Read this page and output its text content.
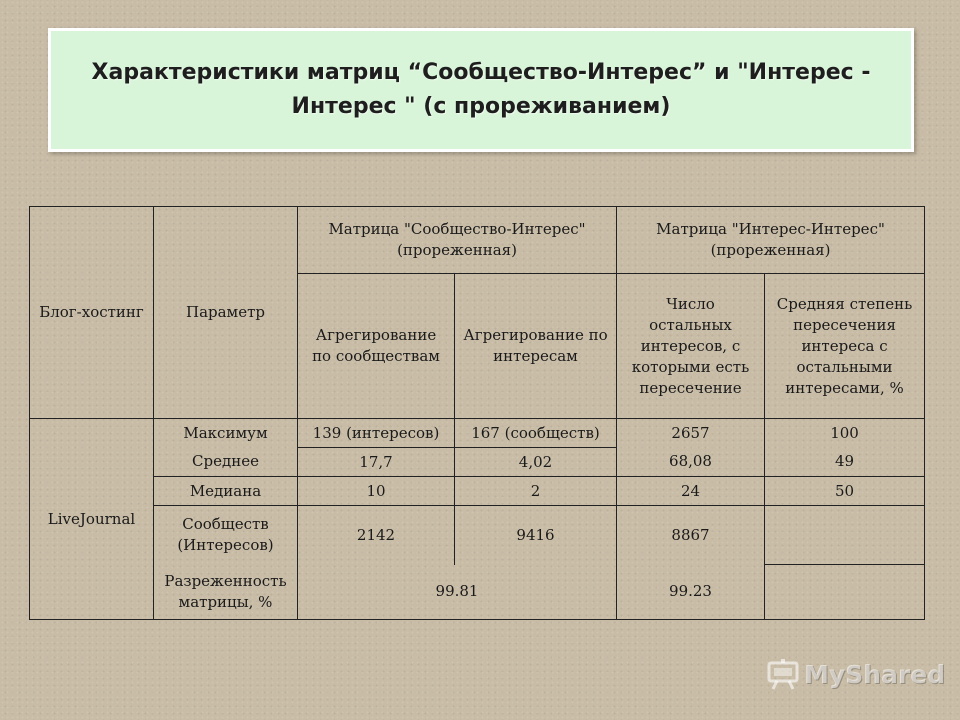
Характеристики матриц “Сообщество-Интерес” и "Интерес -
Интерес " (с прореживанием)
Блог-хостинг	Параметр	Матрица "Сообщество-Интерес" (прореженная)		Матрица "Интерес-Интерес" (прореженная)	
		Агрегирование по сообществам	Агрегирование по интересам	Число остальных интересов, с которыми есть пересечение	Средняя степень пересечения интереса с остальными интересами, %
LiveJournal	Максимум	139 (интересов)	167 (сообществ)	2657	100
	Среднее	17,7	4,02	68,08	49
	Медиана	10	2	24	50
	Сообществ (Интересов)	2142	9416	8867	
	Разреженность матрицы, %	99.81		99.23	
MyShared
